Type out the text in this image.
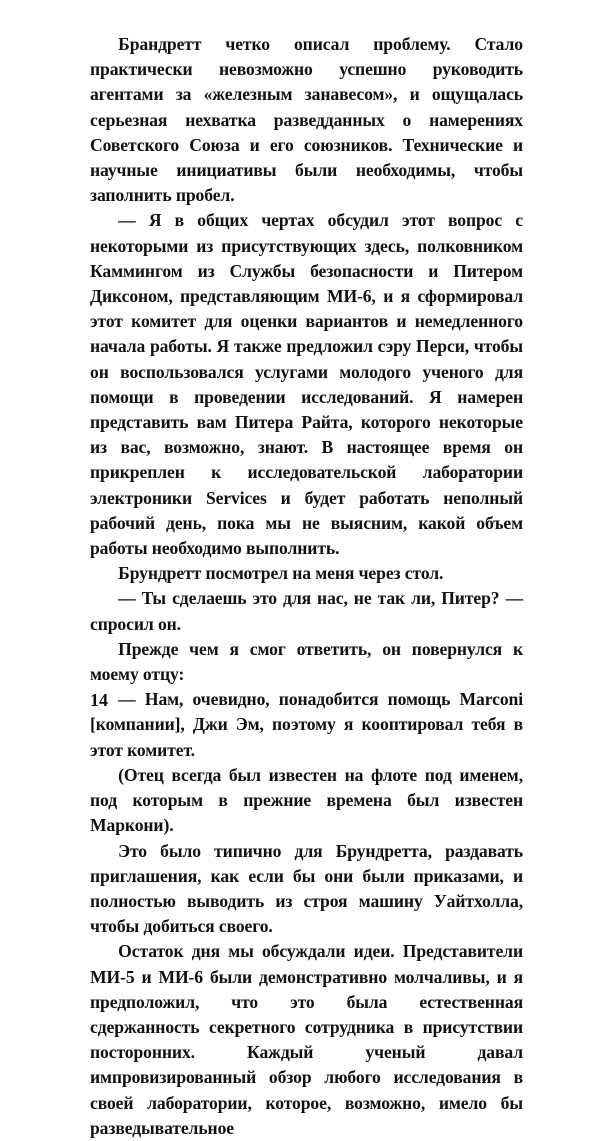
Брандретт четко описал проблему. Стало практически невозможно успешно руководить агентами за «железным занавесом», и ощущалась серьезная нехватка разведданных о намерениях Советского Союза и его союзников. Технические и научные инициативы были необходимы, чтобы заполнить пробел.

— Я в общих чертах обсудил этот вопрос с некоторыми из присутствующих здесь, полковником Каммингом из Службы безопасности и Питером Диксоном, представляющим МИ-6, и я сформировал этот комитет для оценки вариантов и немедленного начала работы. Я также предложил сэру Перси, чтобы он воспользовался услугами молодого ученого для помощи в проведении исследований. Я намерен представить вам Питера Райта, которого некоторые из вас, возможно, знают. В настоящее время он прикреплен к исследовательской лаборатории электроники Services и будет работать неполный рабочий день, пока мы не выясним, какой объем работы необходимо выполнить.

Брундретт посмотрел на меня через стол.

— Ты сделаешь это для нас, не так ли, Питер? — спросил он.

Прежде чем я смог ответить, он повернулся к моему отцу:

— Нам, очевидно, понадобится помощь Marconi [компании], Джи Эм, поэтому я кооптировал тебя в этот комитет.

(Отец всегда был известен на флоте под именем, под которым в прежние времена был известен Маркони).

Это было типично для Брундретта, раздавать приглашения, как если бы они были приказами, и полностью выводить из строя машину Уайтхолла, чтобы добиться своего.

Остаток дня мы обсуждали идеи. Представители МИ-5 и МИ-6 были демонстративно молчаливы, и я предположил, что это была естественная сдержанность секретного сотрудника в присутствии посторонних. Каждый ученый давал импровизированный обзор любого исследования в своей лаборатории, которое, возможно, имело бы разведывательное

14
